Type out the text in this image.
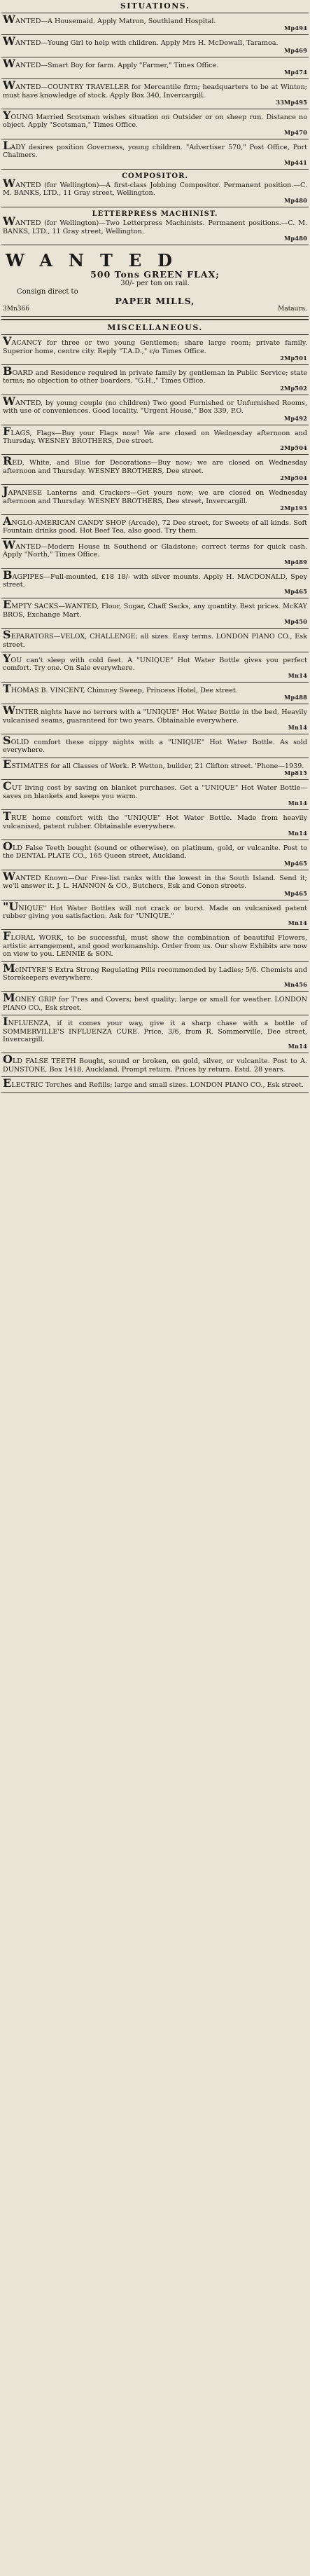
SITUATIONS.

WANTED—A Housemaid. Apply Matron, Southland Hospital.

Mp494

WANTED—Young Girl to help with children. Apply Mrs H. McDowall, Taramoa.

Mp469

WANTED—Smart Boy for farm. Apply "Farmer," Times Office.

Mp474

WANTED—COUNTRY TRAVELLER for Mercantile firm; headquarters to be at Winton; must have knowledge of stock. Apply Box 340, Invercargill.

33Mp495

YOUNG Married Scotsman wishes situation on Outsider or on sheep run. Distance no object. Apply "Scotsman," Times Office.

Mp470

LADY desires position Governess, young children. "Advertiser 570," Post Office, Port Chalmers.

Mp441
COMPOSITOR.

WANTED (for Wellington)—A first-class Jobbing Compositor. Permanent position.—C. M. BANKS, LTD., 11 Gray street, Wellington.

Mp480
LETTERPRESS MACHINIST.

WANTED (for Wellington)—Two Letterpress Machinists. Permanent positions.—C. M. BANKS, LTD., 11 Gray street, Wellington.

Mp480
WANTED
500 Tons GREEN FLAX;
30/- per ton on rail.
Consign direct to
PAPER MILLS,
3Mn366	Mataura.
MISCELLANEOUS.

VACANCY for three or two young Gentlemen; share large room; private family. Superior home, centre city. Reply "T.A.D.," c/o Times Office.

2Mp501

BOARD and Residence required in private family by gentleman in Public Service; state terms; no objection to other boarders. "G.H.," Times Office.

2Mp502

WANTED, by young couple (no children) Two good Furnished or Unfurnished Rooms, with use of conveniences. Good locality. "Urgent House," Box 339, P.O.

Mp492

FLAGS, Flags—Buy your Flags now! We are closed on Wednesday afternoon and Thursday. WESNEY BROTHERS, Dee street.

2Mp504

RED, White, and Blue for Decorations—Buy now; we are closed on Wednesday afternoon and Thursday. WESNEY BROTHERS, Dee street.

2Mp504

JAPANESE Lanterns and Crackers—Get yours now; we are closed on Wednesday afternoon and Thursday. WESNEY BROTHERS, Dee street, Invercargill.

2Mp193

ANGLO-AMERICAN CANDY SHOP (Arcade), 72 Dee street, for Sweets of all kinds. Soft Fountain drinks good. Hot Beef Tea, also good. Try them.

WANTED—Modern House in Southend or Gladstone; correct terms for quick cash. Apply "North," Times Office.

Mp489

BAGPIPES—Full-mounted, £18 18/- with silver mounts. Apply H. MACDONALD, Spey street.

Mp465

EMPTY SACKS—WANTED, Flour, Sugar, Chaff Sacks, any quantity. Best prices. McKAY BROS, Exchange Mart.

Mp450

SEPARATORS—VELOX, CHALLENGE; all sizes. Easy terms. LONDON PIANO CO., Esk street.

YOU can't sleep with cold feet. A "UNIQUE" Hot Water Bottle gives you perfect comfort. Try one. On Sale everywhere.

Mn14

THOMAS B. VINCENT, Chimney Sweep, Princess Hotel, Dee street.

Mp488

WINTER nights have no terrors with a "UNIQUE" Hot Water Bottle in the bed. Heavily vulcanised seams, guaranteed for two years. Obtainable everywhere.

Mn14

SOLID comfort these nippy nights with a "UNIQUE" Hot Water Bottle. As sold everywhere.

ESTIMATES for all Classes of Work. P. Wetton, builder, 21 Clifton street. 'Phone—1939.

Mp815

CUT living cost by saving on blanket purchases. Get a "UNIQUE" Hot Water Bottle—saves on blankets and keeps you warm.

Mn14

TRUE home comfort with the "UNIQUE" Hot Water Bottle. Made from heavily vulcanised, patent rubber. Obtainable everywhere.

Mn14

OLD False Teeth bought (sound or otherwise), on platinum, gold, or vulcanite. Post to the DENTAL PLATE CO., 165 Queen street, Auckland.

Mp465

WANTED Known—Our Free-list ranks with the lowest in the South Island. Send it; we'll answer it. J. L. HANNON & CO., Butchers, Esk and Conon streets.

Mp465

"UNIQUE" Hot Water Bottles will not crack or burst. Made on vulcanised patent rubber giving you satisfaction. Ask for "UNIQUE."

Mn14

FLORAL WORK, to be successful, must show the combination of beautiful Flowers, artistic arrangement, and good workmanship. Order from us. Our show Exhibits are now on view to you. LENNIE & SON.

McINTYRE'S Extra Strong Regulating Pills recommended by Ladies; 5/6. Chemists and Storekeepers everywhere.

Mn456

MONEY GRIP for T'res and Covers; best quality; large or small for weather. LONDON PIANO CO., Esk street.

INFLUENZA, if it comes your way, give it a sharp chase with a bottle of SOMMERVILLE'S INFLUENZA CURE. Price, 3/6, from R. Sommerville, Dee street, Invercargill.

Mn14

OLD FALSE TEETH Bought, sound or broken, on gold, silver, or vulcanite. Post to A. DUNSTONE, Box 1418, Auckland. Prompt return. Prices by return. Estd. 28 years.

ELECTRIC Torches and Refills; large and small sizes. LONDON PIANO CO., Esk street.
